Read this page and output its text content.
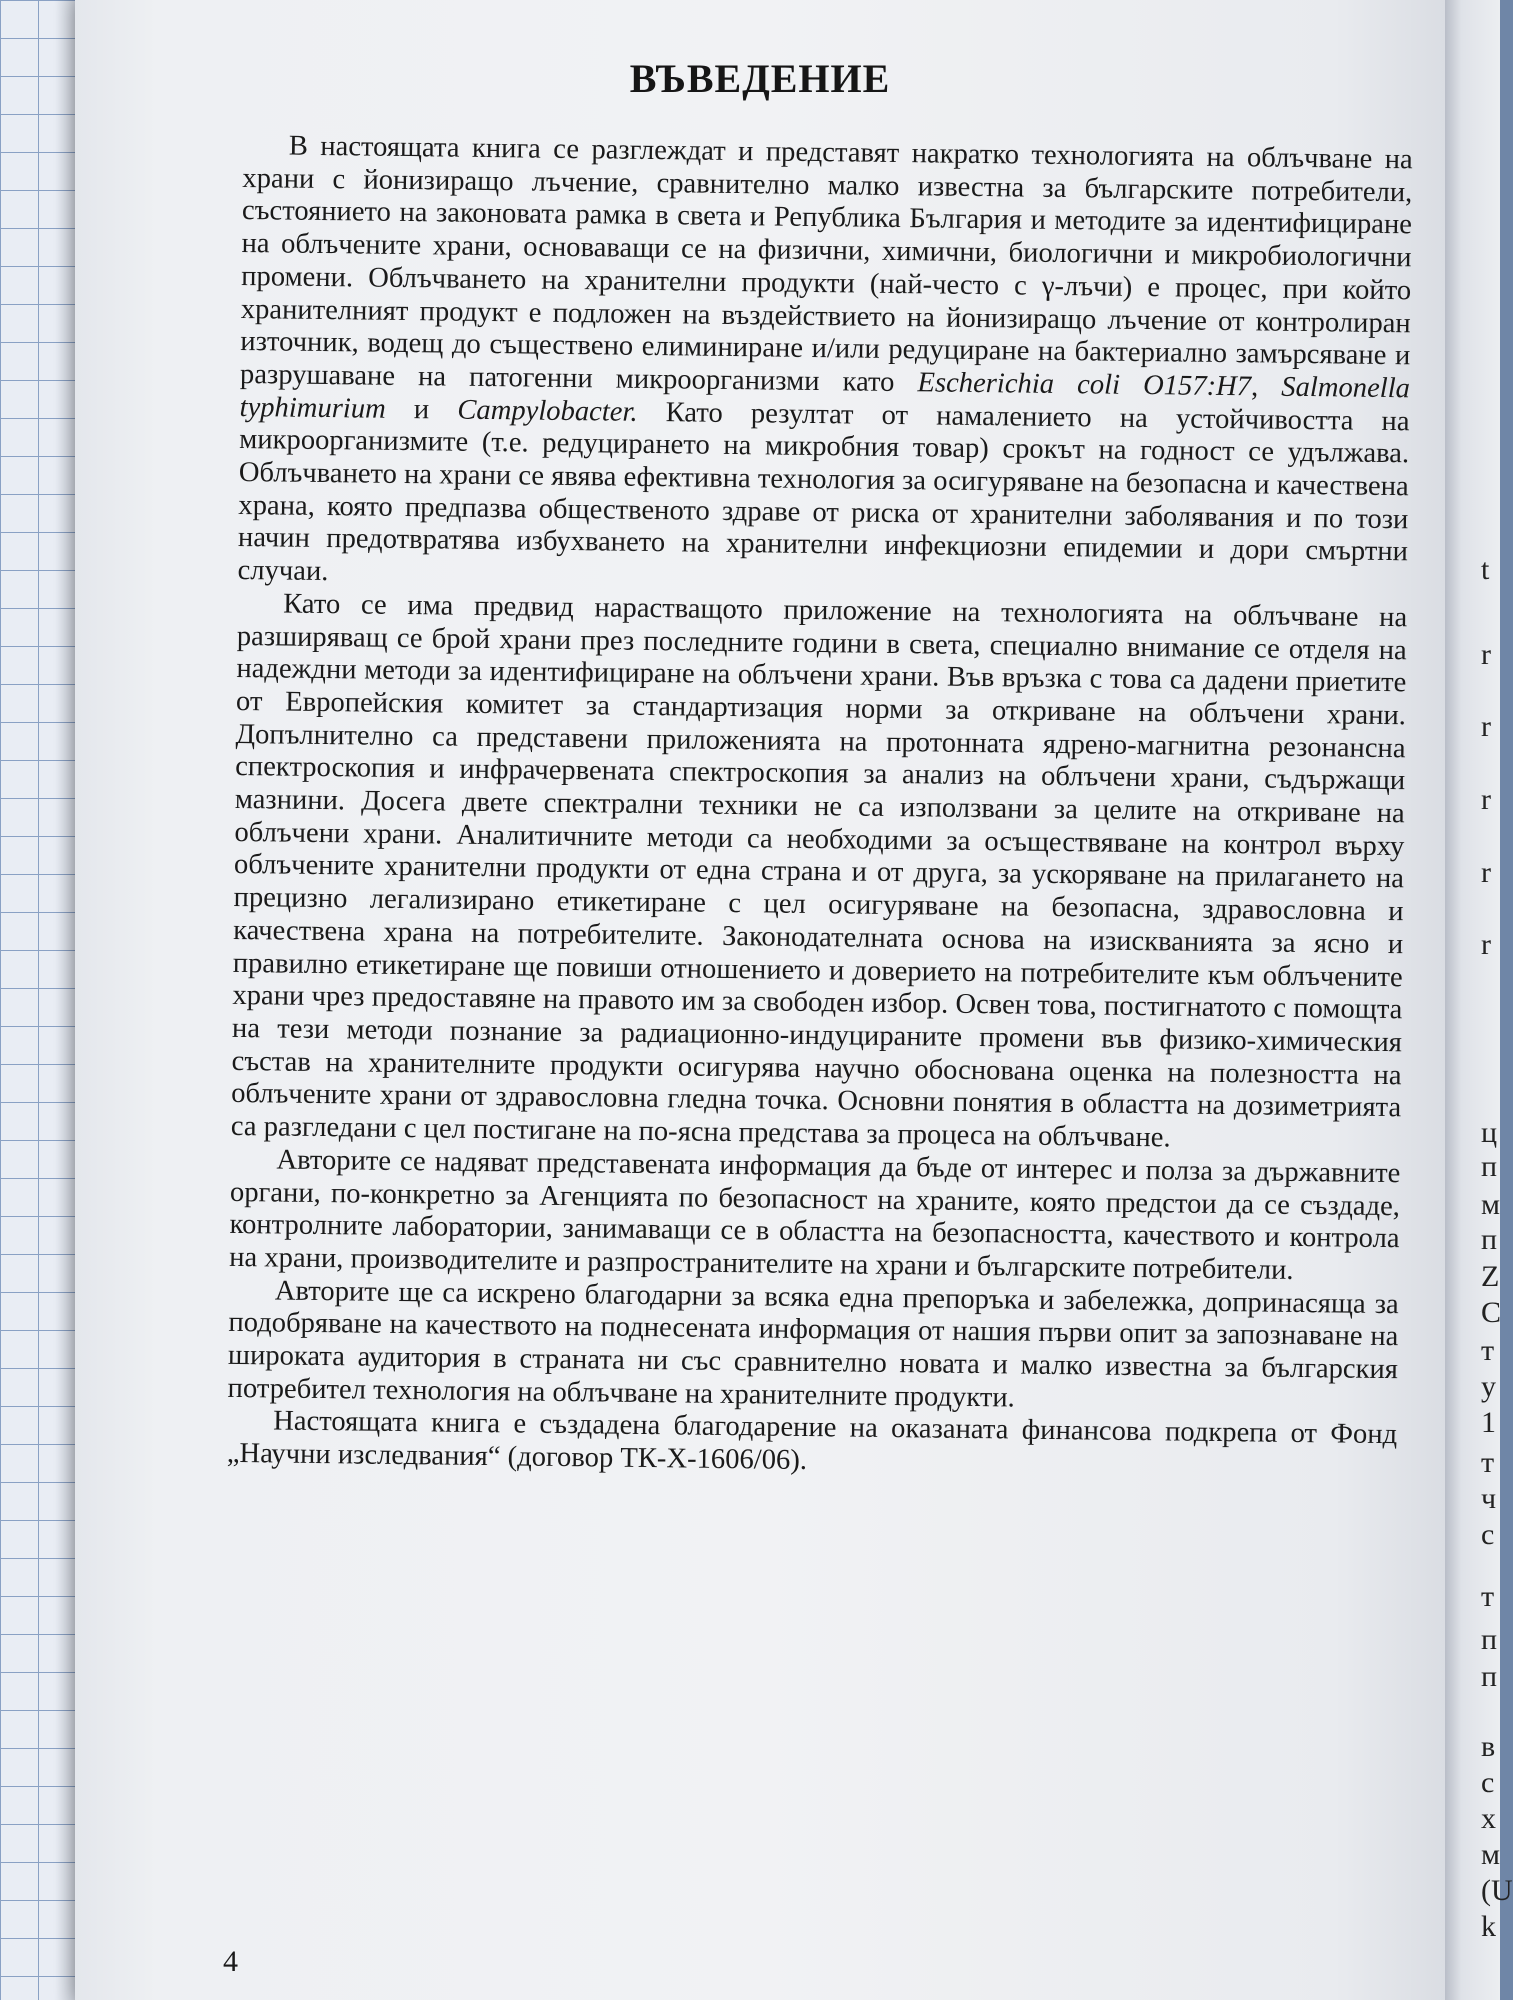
ВЪВЕДЕНИЕ

В настоящата книга се разглеждат и представят накратко технологията на облъчване на храни с йонизиращо лъчение, сравнително малко известна за българските потребители, състоянието на законовата рамка в света и Република България и методите за идентифициране на облъчените храни, основаващи се на физични, химични, биологични и микробиологични промени. Облъчването на хранителни продукти (най-често с γ-лъчи) е процес, при който хранителният продукт е подложен на въздействието на йонизиращо лъчение от контролиран източник, водещ до съществено елиминиране и/или редуциране на бактериално замърсяване и разрушаване на патогенни микроорганизми като Escherichia coli O157:H7, Salmonella typhimurium и Campylobacter. Като резултат от намалението на устойчивостта на микроорганизмите (т.е. редуцирането на микробния товар) срокът на годност се удължава. Облъчването на храни се явява ефективна технология за осигуряване на безопасна и качествена храна, която предпазва общественото здраве от риска от хранителни заболявания и по този начин предотвратява избухването на хранителни инфекциозни епидемии и дори смъртни случаи.

Като се има предвид нарастващото приложение на технологията на облъчване на разширяващ се брой храни през последните години в света, специално внимание се отделя на надеждни методи за идентифициране на облъчени храни. Във връзка с това са дадени приетите от Европейския комитет за стандартизация норми за откриване на облъчени храни. Допълнително са представени приложенията на протонната ядрено-магнитна резонансна спектроскопия и инфрачервената спектроскопия за анализ на облъчени храни, съдържащи мазнини. Досега двете спектрални техники не са използвани за целите на откриване на облъчени храни. Аналитичните методи са необходими за осъществяване на контрол върху облъчените хранителни продукти от една страна и от друга, за ускоряване на прилагането на прецизно легализирано етикетиране с цел осигуряване на безопасна, здравословна и качествена храна на потребителите. Законодателната основа на изискванията за ясно и правилно етикетиране ще повиши отношението и доверието на потребителите към облъчените храни чрез предоставяне на правото им за свободен избор. Освен това, постигнатото с помощта на тези методи познание за радиационно-индуцираните промени във физико-химическия състав на хранителните продукти осигурява научно обоснована оценка на полезността на облъчените храни от здравословна гледна точка. Основни понятия в областта на дозиметрията са разгледани с цел постигане на по-ясна представа за процеса на облъчване.

Авторите се надяват представената информация да бъде от интерес и полза за държавните органи, по-конкретно за Агенцията по безопасност на храните, която предстои да се създаде, контролните лаборатории, занимаващи се в областта на безопасността, качеството и контрола на храни, производителите и разпространителите на храни и българските потребители.

Авторите ще са искрено благодарни за всяка една препоръка и забележка, допринасяща за подобряване на качеството на поднесената информация от нашия първи опит за запознаване на широката аудитория в страната ни със сравнително новата и малко известна за българския потребител технология на облъчване на хранителните продукти.

Настоящата книга е създадена благодарение на оказаната финансова подкрепа от Фонд „Научни изследвания“ (договор ТК-Х-1606/06).

4
t
r
r
r
r
r
ц
п
м
п
Z
C
т
у
1
т
ч
с
т
п
п
в
с
х
м
(U
k
